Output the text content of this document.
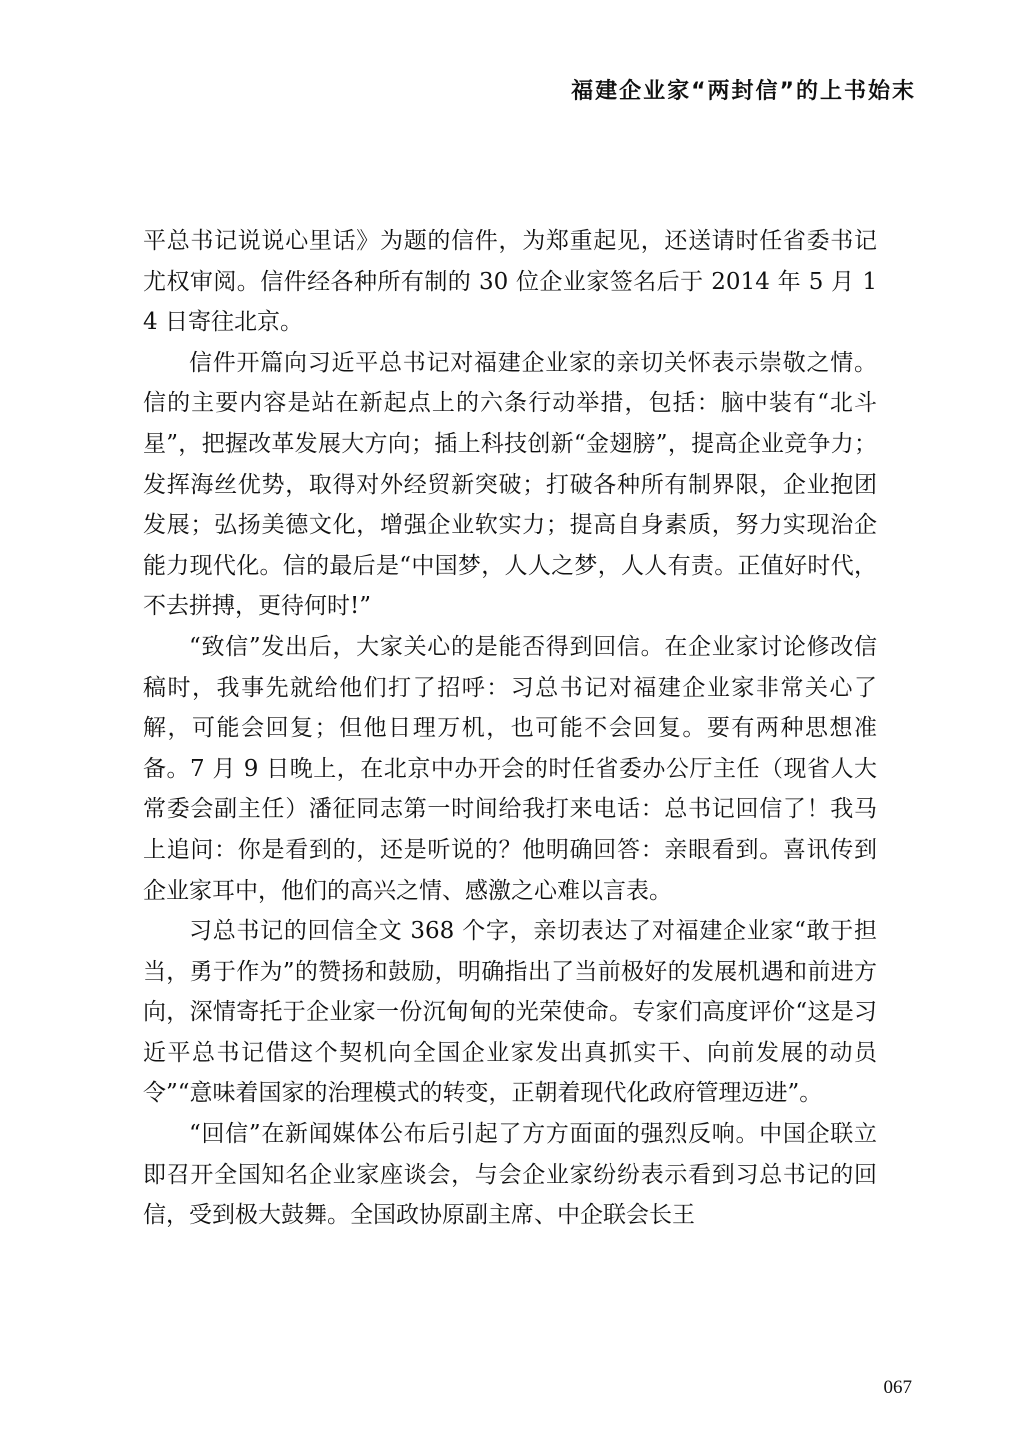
福建企业家“两封信”的上书始末

平总书记说说心里话》为题的信件，为郑重起见，还送请时任省委书记尤权审阅。信件经各种所有制的 30 位企业家签名后于 2014 年 5 月 14 日寄往北京。

信件开篇向习近平总书记对福建企业家的亲切关怀表示崇敬之情。信的主要内容是站在新起点上的六条行动举措，包括：脑中装有“北斗星”，把握改革发展大方向；插上科技创新“金翅膀”，提高企业竞争力；发挥海丝优势，取得对外经贸新突破；打破各种所有制界限，企业抱团发展；弘扬美德文化，增强企业软实力；提高自身素质，努力实现治企能力现代化。信的最后是“中国梦，人人之梦，人人有责。正值好时代，不去拼搏，更待何时!”

“致信”发出后，大家关心的是能否得到回信。在企业家讨论修改信稿时，我事先就给他们打了招呼：习总书记对福建企业家非常关心了解，可能会回复；但他日理万机，也可能不会回复。要有两种思想准备。7 月 9 日晚上，在北京中办开会的时任省委办公厅主任（现省人大常委会副主任）潘征同志第一时间给我打来电话：总书记回信了！我马上追问：你是看到的，还是听说的？他明确回答：亲眼看到。喜讯传到企业家耳中，他们的高兴之情、感激之心难以言表。

习总书记的回信全文 368 个字，亲切表达了对福建企业家“敢于担当，勇于作为”的赞扬和鼓励，明确指出了当前极好的发展机遇和前进方向，深情寄托于企业家一份沉甸甸的光荣使命。专家们高度评价“这是习近平总书记借这个契机向全国企业家发出真抓实干、向前发展的动员令”“意味着国家的治理模式的转变，正朝着现代化政府管理迈进”。

“回信”在新闻媒体公布后引起了方方面面的强烈反响。中国企联立即召开全国知名企业家座谈会，与会企业家纷纷表示看到习总书记的回信，受到极大鼓舞。全国政协原副主席、中企联会长王

067
